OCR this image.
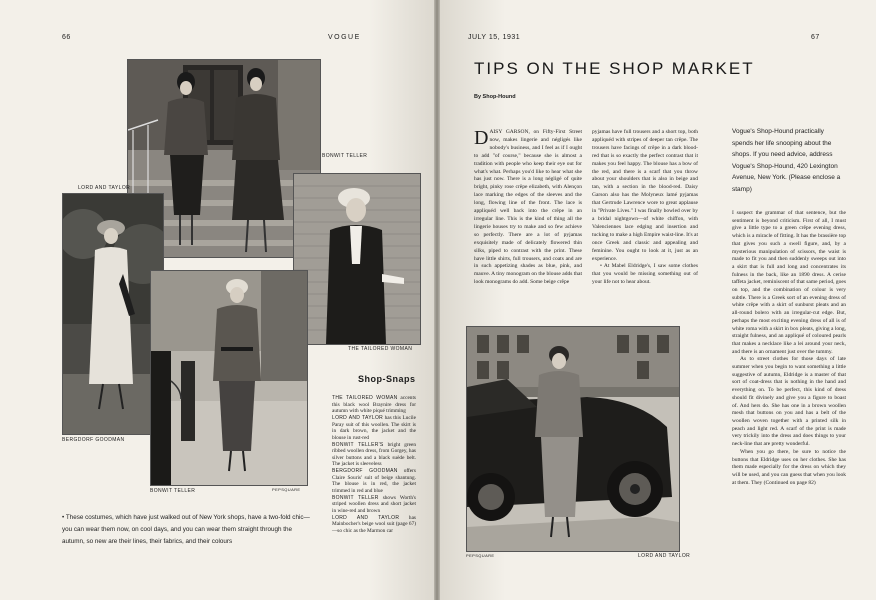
66	VOGUE
BONWIT TELLER
LORD AND TAYLOR
BERGDORF GOODMAN
THE TAILORED WOMAN
BONWIT TELLER	PEPSQUARE
Shop-Snaps

THE TAILORED WOMAN accents this black wool Braynire dress for autumn with white piqué trimming

LORD AND TAYLOR has this Lucile Paray suit of this woollen. The skirt is in dark brown, the jacket and the blouse in rust-red

BONWIT TELLER'S bright green ribbed woollen dress, from Gorgey, has silver buttons and a black suède belt. The jacket is sleeveless

BERGDORF GOODMAN offers Claire Souris' suit of beige shantung. The blouse is in red, the jacket trimmed in red and blue

BONWIT TELLER shows Worth's striped woollen dress and short jacket in wine-red and brown

LORD AND TAYLOR has Mainbocher's beige wool suit (page 67)—so chic as the Marmon car

• These costumes, which have just walked out of New York shops, have a two-fold chic—you can wear them now, on cool days, and you can wear them straight through the autumn, so new are their lines, their fabrics, and their colours
JULY 15, 1931	67
TIPS ON THE SHOP MARKET
By Shop-Hound

DAISY GARSON, on Fifty-First Street now, makes lingerie and négligés like nobody's business, and I feel as if I ought to add "of course," because she is almost a tradition with people who keep their eye out for what's what. Perhaps you'd like to hear what she has just now. There is a long négligé of quite bright, pinky rose crêpe elizabeth, with Alençon lace marking the edges of the sleeves and the long, flowing line of the front. The lace is appliquéd well back into the crêpe in an irregular line. This is the kind of thing all the lingerie houses try to make and so few achieve so perfectly. There are a lot of pyjamas exquisitely made of delicately flowered thin silks, piped to contrast with the print. These have little shirts, full trousers, and coats and are in such appetizing shades as blue, pink, and mauve. A tiny monogram on the blouse adds that look monograms do add. Some beige crêpe

pyjamas have full trousers and a short top, both appliquéd with stripes of deeper tan crêpe. The trousers have facings of crêpe in a dark blood-red that is so exactly the perfect contrast that it makes you feel happy. The blouse has a bow of the red, and there is a scarf that you throw about your shoulders that is also in beige and tan, with a section in the blood-red. Daisy Garson also has the Molyneux lamé pyjamas that Gertrude Lawrence wore to great applause in "Private Lives." I was finally bowled over by a bridal nightgown—of white chiffon, with Valenciennes lace edging and insertion and tucking to make a high Empire waist-line. It's at once Greek and classic and appealing and feminine. You ought to look at it, just as an experience.

• At Mabel Eldridge's, I saw some clothes that you would be missing something out of your life not to hear about.

Vogue's Shop-Hound practically spends her life snooping about the shops. If you need advice, address Vogue's Shop-Hound, 420 Lexington Avenue, New York. (Please enclose a stamp)

I suspect the grammar of that sentence, but the sentiment is beyond criticism. First of all, I must give a little type to a green crêpe evening dress, which is a miracle of fitting. It has the brassière top that gives you such a swell figure, and, by a mysterious manipulation of scissors, the waist is made to fit you and then suddenly sweeps out into a skirt that is full and long and concentrates its fulness in the back, like an 1890 dress. A cerise taffeta jacket, reminiscent of that same period, goes on top, and the combination of colour is very subtle. There is a Greek sort of an evening dress of white crêpe with a skirt of sunburst pleats and an all-round bolero with an irregular-cut edge. But, perhaps the most exciting evening dress of all is of white roma with a skirt in box pleats, giving a long, straight fulness, and an appliqué of coloured pearls that makes a necklace like a lei around your neck, and there is an ornament just over the tummy.

As to street clothes for those days of late summer when you begin to want something a little suggestive of autumn, Eldridge is a master of that sort of coat-dress that is nothing in the hand and everything on. To be perfect, this kind of dress should fit divinely and give you a figure to boast of. And hers do. She has one in a brown woollen mesh that buttons on you and has a belt of the woollen woven together with a printed silk in peach and light red. A scarf of the print is made very trickily into the dress and does things to your neck-line that are pretty wonderful.

When you go there, be sure to notice the buttons that Eldridge uses on her clothes. She has them made especially for the dress on which they will be used, and you can guess that when you look at them. They (Continued on page 82)

PEPSQUARE	LORD AND TAYLOR
